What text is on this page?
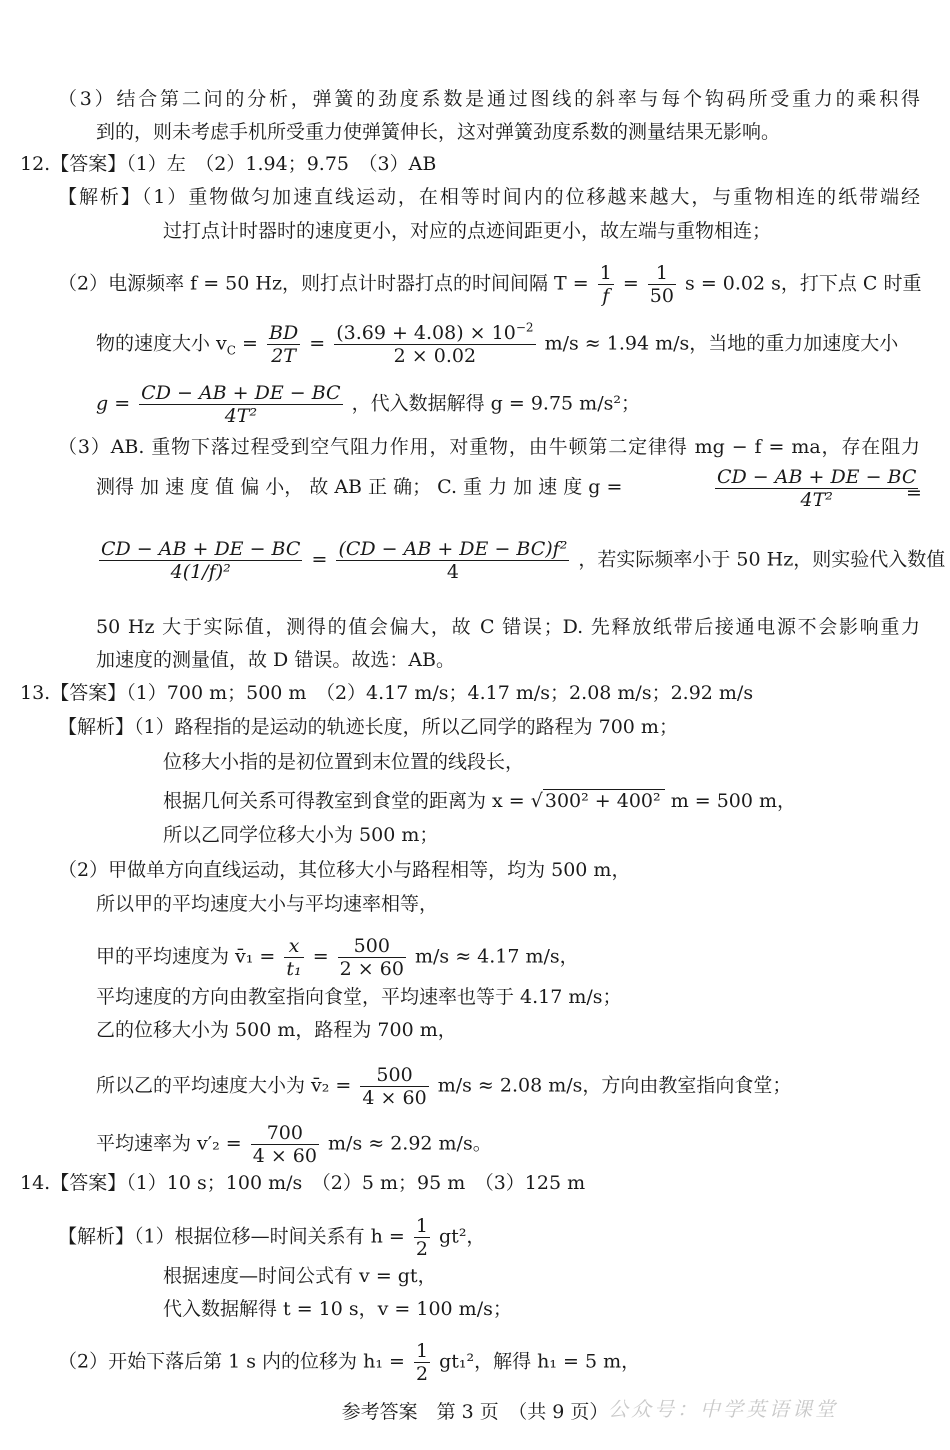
（3）结合第二问的分析，弹簧的劲度系数是通过图线的斜率与每个钩码所受重力的乘积得
到的，则未考虑手机所受重力使弹簧伸长，这对弹簧劲度系数的测量结果无影响。
12.【答案】（1）左　（2）1.94；9.75　（3）AB
【解析】（1）重物做匀加速直线运动，在相等时间内的位移越来越大，与重物相连的纸带端经
过打点计时器时的速度更小，对应的点迹间距更小，故左端与重物相连；
（2）电源频率 f = 50 Hz，则打点计时器打点的时间间隔 $T = \frac{1}{f} = \frac{1}{50}$ s = 0.02 s，打下点 C 时重
物的速度大小 $v_C = \frac{BD}{2T} = \frac{(3.69 + 4.08) \times 10^{-2}}{2 \times 0.02} m/s \approx 1.94$ m/s，当地的重力加速度大小
$g = \frac{CD - AB + DE - BC}{\text{4T²}}$ ，代入数据解得 g = 9.75 m/s²；
（3）AB. 重物下落过程受到空气阻力作用，对重物，由牛顿第二定律得 mg − f = ma，存在阻力
测得 加 速 度 值 偏 小， 故 AB 正 确； C. 重 力 加 速 度 g =	$\frac{CD - AB + DE - BC}{\text{4T²}}$
=
$\frac{CD - AB + DE - BC}{\text{4(1/f)²}} = \frac{\text{(CD − AB + DE − BC)f²}}{4}$ ，若实际频率小于 50 Hz，则实验代入数值
50 Hz 大于实际值，测得的值会偏大，故 C 错误；D. 先释放纸带后接通电源不会影响重力
加速度的测量值，故 D 错误。故选：AB。
13.【答案】（1）700 m；500 m　（2）4.17 m/s；4.17 m/s；2.08 m/s；2.92 m/s
【解析】（1）路程指的是运动的轨迹长度，所以乙同学的路程为 700 m；
位移大小指的是初位置到末位置的线段长，
根据几何关系可得教室到食堂的距离为 x = √ 300² + 400² m = 500 m，
所以乙同学位移大小为 500 m；
（2）甲做单方向直线运动，其位移大小与路程相等，均为 500 m，
所以甲的平均速度大小与平均速率相等，
甲的平均速度为 v̄₁ = $\frac{x}{\text{t₁}} = \frac{500}{2 \times 60} m/s \approx 4.17$ m/s，
平均速度的方向由教室指向食堂，平均速率也等于 4.17 m/s；
乙的位移大小为 500 m，路程为 700 m，
所以乙的平均速度大小为 v̄₂ = $\frac{500}{4 \times 60} m/s \approx 2.08$ m/s，方向由教室指向食堂；
平均速率为 $v'_2 = \frac{700}{4 \times 60} m/s \approx 2.92$ m/s。
14.【答案】（1）10 s；100 m/s　（2）5 m；95 m　（3）125 m
【解析】（1）根据位移—时间关系有 $h = \frac{1}{2} gt^2$，
根据速度—时间公式有 v = gt，
代入数据解得 t = 10 s，v = 100 m/s；
（2）开始下落后第 1 s 内的位移为 $h_1 = \frac{1}{2} gt_1^2$，解得 h₁ = 5 m，
参考答案　第 3 页　（共 9 页） 公众号：中学英语课堂
